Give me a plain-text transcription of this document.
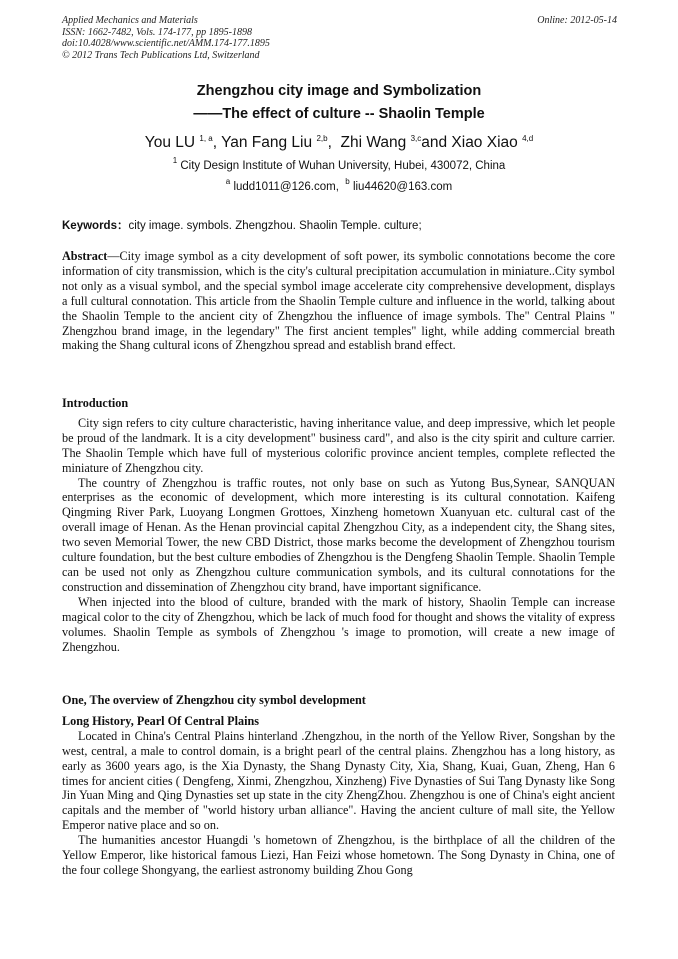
Applied Mechanics and Materials
ISSN: 1662-7482, Vols. 174-177, pp 1895-1898
doi:10.4028/www.scientific.net/AMM.174-177.1895
© 2012 Trans Tech Publications Ltd, Switzerland
Online: 2012-05-14
Zhengzhou city image and Symbolization
——The effect of culture -- Shaolin Temple
You LU $^{1, a}$, Yan Fang Liu $^{2,b}$,  Zhi Wang $^{3,c}$and Xiao Xiao $^{4,d}$
$^1$ City Design Institute of Wuhan University, Hubei, 430072, China
$^a$ ludd1011@126.com, $^b$ liu44620@163.com
Keywords：city image. symbols. Zhengzhou. Shaolin Temple. culture;

Abstract—City image symbol as a city development of soft power, its symbolic connotations become the core information of city transmission, which is the city's cultural precipitation accumulation in miniature..City symbol not only as a visual symbol, and the special symbol image accelerate city comprehensive development, displays a full cultural connotation. This article from the Shaolin Temple culture and influence in the world, talking about the Shaolin Temple to the ancient city of Zhengzhou the influence of image symbols. The" Central Plains " Zhengzhou brand image, in the legendary" The first ancient temples" light, while adding commercial breath making the Shang cultural icons of Zhengzhou spread and establish brand effect.

Introduction

City sign refers to city culture characteristic, having inheritance value, and deep impressive, which let people be proud of the landmark. It is a city development" business card", and also is the city spirit and culture carrier. The Shaolin Temple which have full of mysterious colorific province ancient temples, complete reflected the miniature of Zhengzhou city.

The country of Zhengzhou is traffic routes, not only base on such as Yutong Bus,Synear, SANQUAN enterprises as the economic of development, which more interesting is its cultural connotation. Kaifeng Qingming River Park, Luoyang Longmen Grottoes, Xinzheng hometown Xuanyuan etc. cultural cast of the overall image of Henan. As the Henan provincial capital Zhengzhou City, as a independent city, the Shang sites, two seven Memorial Tower, the new CBD District, those marks become the development of Zhengzhou tourism culture foundation, but the best culture embodies of Zhengzhou is the Dengfeng Shaolin Temple. Shaolin Temple can be used not only as Zhengzhou culture communication symbols, and its cultural connotations for the construction and dissemination of Zhengzhou city brand, have important significance.

When injected into the blood of culture, branded with the mark of history, Shaolin Temple can increase magical color to the city of Zhengzhou, which be lack of much food for thought and shows the vitality of express volumes. Shaolin Temple as symbols of Zhengzhou 's image to promotion, will create a new image of Zhengzhou.

One, The overview of Zhengzhou city symbol development
Long History, Pearl Of Central Plains

Located in China's Central Plains hinterland .Zhengzhou, in the north of the Yellow River, Songshan by the west, central, a male to control domain, is a bright pearl of the central plains. Zhengzhou has a long history, as early as 3600 years ago, is the Xia Dynasty, the Shang Dynasty City, Xia, Shang, Kuai, Guan, Zheng, Han 6 times for ancient cities ( Dengfeng, Xinmi, Zhengzhou, Xinzheng) Five Dynasties of Sui Tang Dynasty like Song Jin Yuan Ming and Qing Dynasties set up state in the city ZhengZhou. Zhengzhou is one of China's eight ancient capitals and the member of "world history urban alliance". Having the ancient culture of mall site, the Yellow Emperor native place and so on.

The humanities ancestor Huangdi 's hometown of Zhengzhou, is the birthplace of all the children of the Yellow Emperor, like historical famous Liezi, Han Feizi whose hometown. The Song Dynasty in China, one of the four college Shongyang, the earliest astronomy building Zhou Gong
